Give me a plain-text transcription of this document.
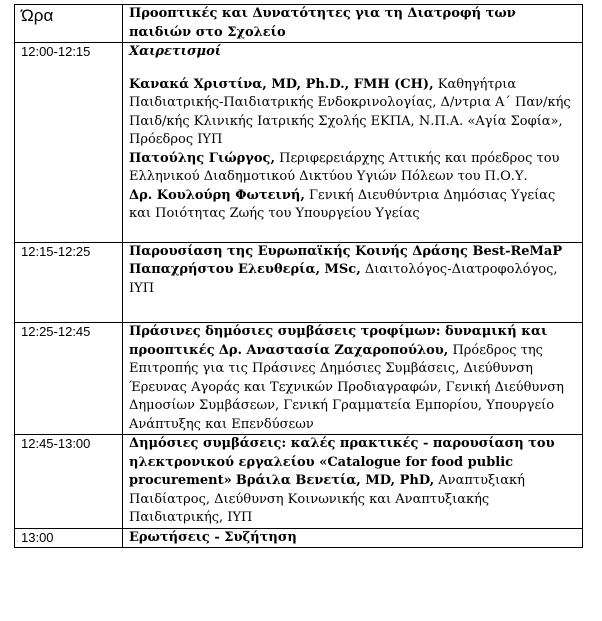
Ώρα	Προοπτικές και Δυνατότητες για τη Διατροφή των παιδιών στο Σχολείο
12:00-12:15	Χαιρετισμοί

Κανακά Χριστίνα, MD, Ph.D., FMH (CH), Καθηγήτρια Παιδιατρικής-Παιδιατρικής Ενδοκρινολογίας, Δ/ντρια Α΄ Παν/κής Παιδ/κής Κλινικής Ιατρικής Σχολής ΕΚΠΑ, Ν.Π.Α. «Αγία Σοφία», Πρόεδρος ΙΥΠ

Πατούλης Γιώργος, Περιφερειάρχης Αττικής και πρόεδρος του Ελληνικού Διαδημοτικού Δικτύου Υγιών Πόλεων του Π.Ο.Υ.

Δρ. Κουλούρη Φωτεινή, Γενική Διευθύντρια Δημόσιας Υγείας και Ποιότητας Ζωής του Υπουργείου Υγείας

12:15-12:25	Παρουσίαση της Ευρωπαϊκής Κοινής Δράσης Best-ReMaP

Παπαχρήστου Ελευθερία, MSc, Διαιτολόγος-Διατροφολόγος, ΙΥΠ

12:25-12:45	Πράσινες δημόσιες συμβάσεις τροφίμων: δυναμική και προοπτικές Δρ. Αναστασία Ζαχαροπούλου, Πρόεδρος της Επιτροπής για τις Πράσινες Δημόσιες Συμβάσεις, Διεύθυνση Έρευνας Αγοράς και Τεχνικών Προδιαγραφών, Γενική Διεύθυνση Δημοσίων Συμβάσεων, Γενική Γραμματεία Εμπορίου, Υπουργείο Ανάπτυξης και Επενδύσεων

12:45-13:00	Δημόσιες συμβάσεις: καλές πρακτικές - παρουσίαση του ηλεκτρονικού εργαλείου «Catalogue for food public procurement» Βράιλα Βενετία, MD, PhD, Αναπτυξιακή Παιδίατρος, Διεύθυνση Κοινωνικής και Αναπτυξιακής Παιδιατρικής, ΙΥΠ

13:00	Ερωτήσεις - Συζήτηση
